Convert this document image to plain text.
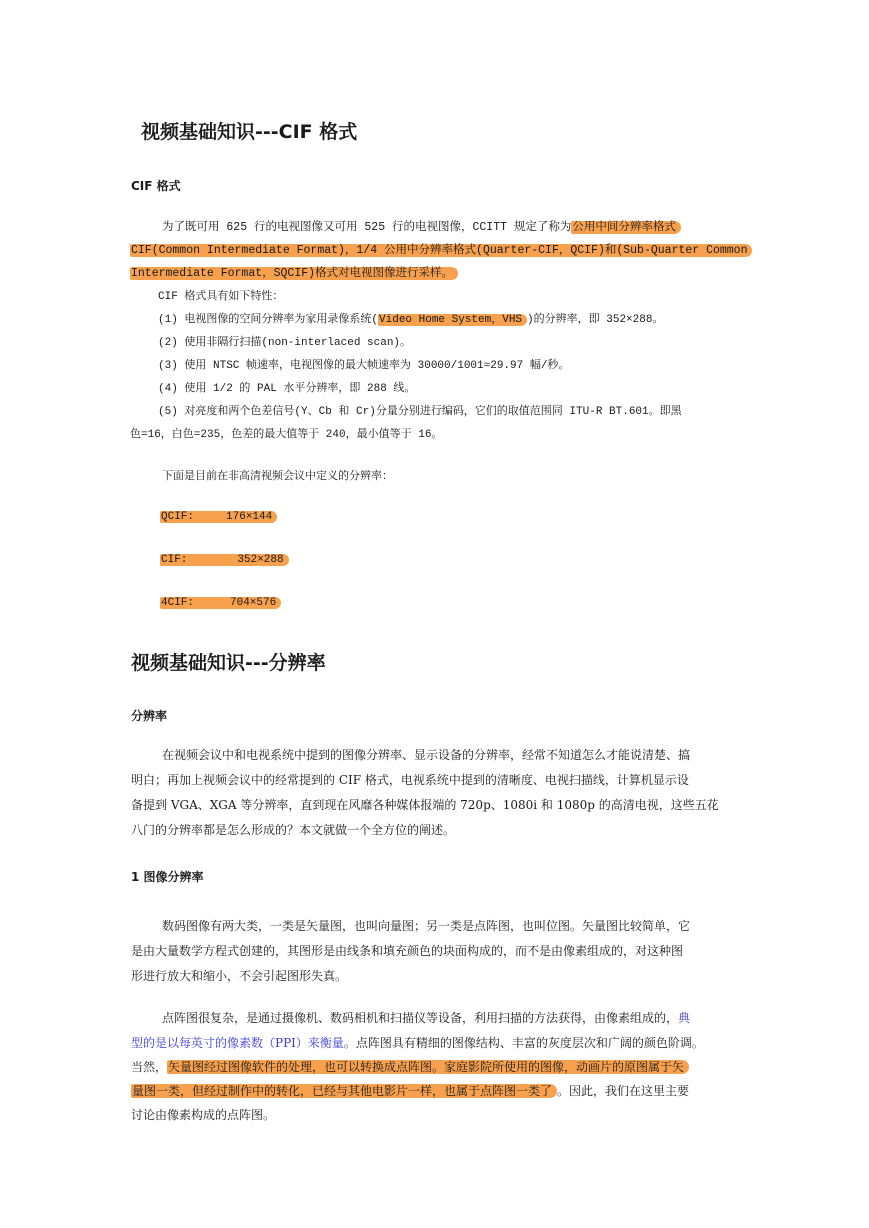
视频基础知识---CIF 格式
CIF 格式
为了既可用 625 行的电视图像又可用 525 行的电视图像，CCITT 规定了称为公用中间分辨率格式
CIF(Common Intermediate Format)，1/4 公用中分辨率格式(Quarter-CIF，QCIF)和(Sub-Quarter Common
Intermediate Format，SQCIF)格式对电视图像进行采样。
CIF 格式具有如下特性：
(1) 电视图像的空间分辨率为家用录像系统(Video Home System，VHS )的分辨率，即 352×288。
(2) 使用非隔行扫描(non-interlaced scan)。
(3) 使用 NTSC 帧速率，电视图像的最大帧速率为 30000/1001≈29.97 幅/秒。
(4) 使用 1/2 的 PAL 水平分辨率，即 288 线。
(5) 对亮度和两个色差信号(Y、Cb 和 Cr)分量分别进行编码，它们的取值范围同 ITU-R BT.601。即黑
色=16，白色=235，色差的最大值等于 240，最小值等于 16。
下面是目前在非高清视频会议中定义的分辨率：
QCIF:	176×144
CIF:	352×288
4CIF:	704×576
视频基础知识---分辨率
分辨率
在视频会议中和电视系统中提到的图像分辨率、显示设备的分辨率，经常不知道怎么才能说清楚、搞
明白；再加上视频会议中的经常提到的 CIF 格式，电视系统中提到的清晰度、电视扫描线，计算机显示设
备提到 VGA、XGA 等分辨率，直到现在风靡各种媒体报端的 720p、1080i 和 1080p 的高清电视，这些五花
八门的分辨率都是怎么形成的？本文就做一个全方位的阐述。
1 图像分辨率
数码图像有两大类，一类是矢量图，也叫向量图；另一类是点阵图，也叫位图。矢量图比较简单，它
是由大量数学方程式创建的，其图形是由线条和填充颜色的块面构成的，而不是由像素组成的，对这种图
形进行放大和缩小，不会引起图形失真。
点阵图很复杂，是通过摄像机、数码相机和扫描仪等设备，利用扫描的方法获得，由像素组成的，典
型的是以每英寸的像素数（PPI）来衡量。点阵图具有精细的图像结构、丰富的灰度层次和广阔的颜色阶调。
当然，矢量图经过图像软件的处理，也可以转换成点阵图。家庭影院所使用的图像，动画片的原图属于矢
量图一类，但经过制作中的转化，已经与其他电影片一样，也属于点阵图一类了 。因此，我们在这里主要
讨论由像素构成的点阵图。
